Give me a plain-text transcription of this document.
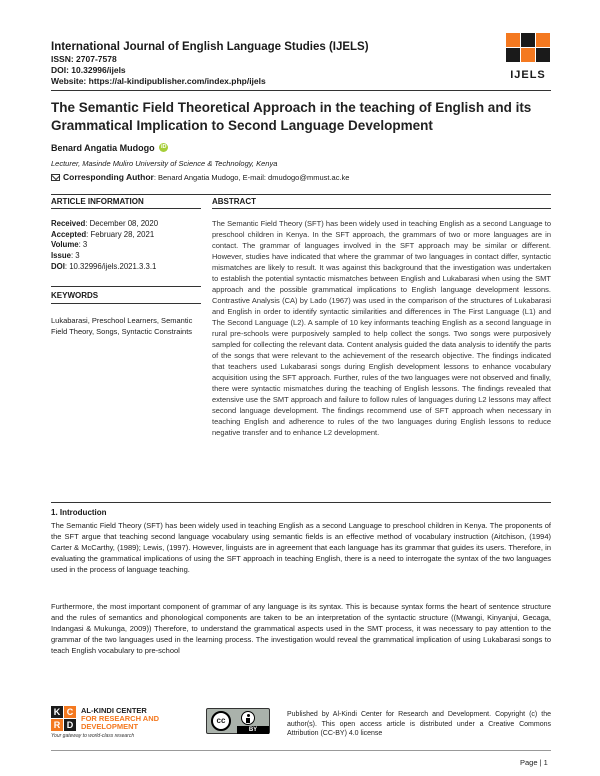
International Journal of English Language Studies (IJELS)
ISSN: 2707-7578
DOI: 10.32996/ijels
Website: https://al-kindipublisher.com/index.php/ijels	IJELS
The Semantic Field Theoretical Approach in the teaching of English and its Grammatical Implication to Second Language Development
Benard Angatia Mudogo iD
Lecturer, Masinde Muliro University of Science & Technology, Kenya
Corresponding Author: Benard Angatia Mudogo, E-mail: dmudogo@mmust.ac.ke
ARTICLE INFORMATION	ABSTRACT
Received: December 08, 2020
Accepted: February 28, 2021
Volume: 3
Issue: 3
DOI: 10.32996/ijels.2021.3.3.1
KEYWORDS
Lukabarasi, Preschool Learners, Semantic Field Theory, Songs, Syntactic Constraints
The Semantic Field Theory (SFT) has been widely used in teaching English as a second Language to preschool children in Kenya. In the SFT approach, the grammars of two or more languages are in contact. The grammar of languages involved in the SFT approach may be similar or different. However, studies have indicated that where the grammar of two languages in contact differ, syntactic mismatches are likely to result. It was against this background that the investigation was undertaken to establish the potential syntactic mismatches between English and Lukabarasi when using the SMT approach and the possible grammatical implications to English language development lessons. Contrastive Analysis (CA) by Lado (1967) was used in the comparison of the structures of Lukabarasi and English in order to identify syntactic similarities and differences in The First Language (L1) and The Second Language (L2). A sample of 10 key informants teaching English as a second language in rural pre-schools were purposively sampled to help collect the songs. Two songs were purposively sampled for collecting the relevant data. Content analysis guided the data analysis to identify the parts of the songs that were relevant to the achievement of the research objective. The findings indicated that teachers used Lukabarasi songs during English development lessons to enhance vocabulary acquisition using the SFT approach. Further, rules of the two languages were not observed and finally, there were syntactic mismatches during the teaching of English lessons. The findings revealed that extensive use the SMT approach and failure to follow rules of languages during L2 lessons may affect second language development. The findings recommend use of SFT approach when necessary in teaching English and adherence to rules of the two languages during English lessons to reduce negative transfer and to enhance L2 development.
1. Introduction
The Semantic Field Theory (SFT) has been widely used in teaching English as a second Language to preschool children in Kenya. The proponents of the SFT argue that teaching second language vocabulary using semantic fields is an effective method of vocabulary instruction (Aitchison, (1994) Carter & McCarthy, (1989); Lewis, (1997). However, linguists are in agreement that each language has its grammar that guides its users. Therefore, in evaluating the grammatical implications of using the SFT approach in teaching English, there is a need to interrogate the syntax of the two languages used in the process of language teaching.
Furthermore, the most important component of grammar of any language is its syntax. This is because syntax forms the heart of sentence structure and the rules of semantics and phonological components are taken to be an interpretation of the syntactic structure ((Mwangi, Kinyanjui, Gecaga, Indangasi & Mukunga, 2009)) Therefore, to understand the grammatical aspects used in the SMT process, it was necessary to pay attention to the grammar of the two languages used in the learning process. The investigation would reveal the grammatical implication of using Lukabarasi songs to teach English vocabulary to pre-school
K C
R D
AL-KINDI CENTER
FOR RESEARCH AND
DEVELOPMENT
Your gateway to world-class research
cc
BY
Published by Al-Kindi Center for Research and Development. Copyright (c) the author(s). This open access article is distributed under a Creative Commons Attribution (CC-BY) 4.0 license
Page | 1
